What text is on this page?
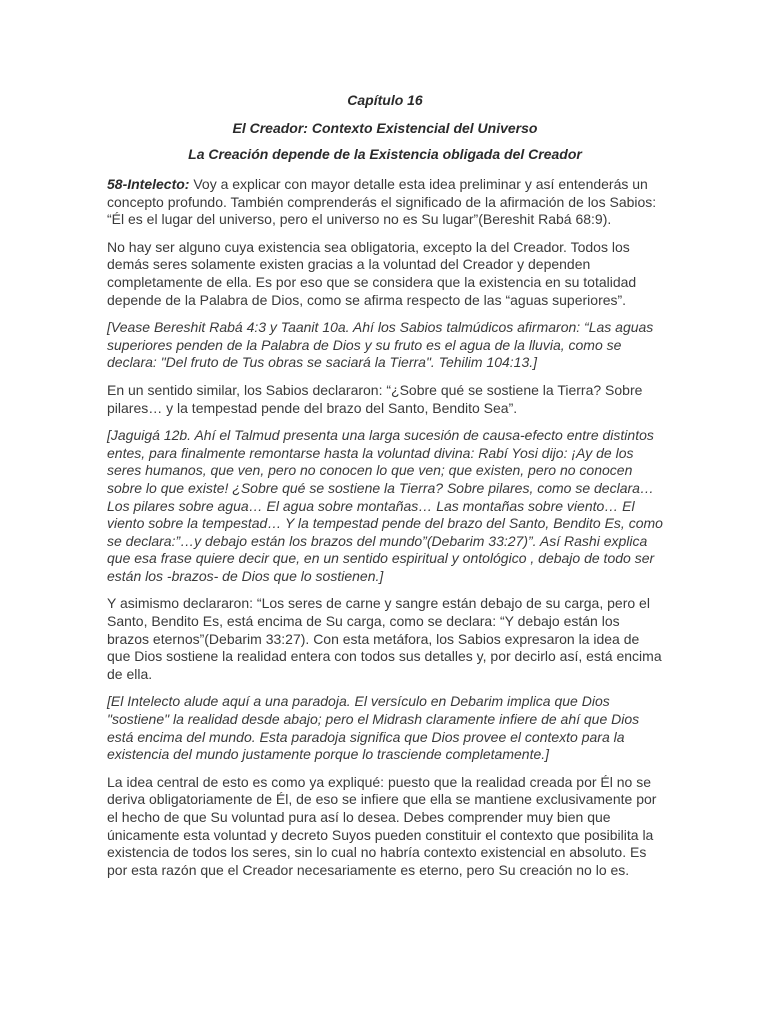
Capítulo 16
El Creador: Contexto Existencial del Universo
La Creación depende de la Existencia obligada del Creador

58-Intelecto: Voy a explicar con mayor detalle esta idea preliminar y así entenderás un concepto profundo. También comprenderás el significado de la afirmación de los Sabios: “Él es el lugar del universo, pero el universo no es Su lugar”(Bereshit Rabá 68:9).

No hay ser alguno cuya existencia sea obligatoria, excepto la del Creador. Todos los demás seres solamente existen gracias a la voluntad del Creador y dependen completamente de ella. Es por eso que se considera que la existencia en su totalidad depende de la Palabra de Dios, como se afirma respecto de las “aguas superiores”.

[Vease Bereshit Rabá 4:3 y Taanit 10a. Ahí los Sabios talmúdicos afirmaron: “Las aguas superiores penden de la Palabra de Dios y su fruto es el agua de la lluvia, como se declara: "Del fruto de Tus obras se saciará la Tierra". Tehilim 104:13.]

En un sentido similar, los Sabios declararon: “¿Sobre qué se sostiene la Tierra? Sobre pilares… y la tempestad pende del brazo del Santo, Bendito Sea”.

[Jaguigá 12b. Ahí el Talmud presenta una larga sucesión de causa-efecto entre distintos entes, para finalmente remontarse hasta la voluntad divina: Rabí Yosi dijo: ¡Ay de los seres humanos, que ven, pero no conocen lo que ven; que existen, pero no conocen sobre lo que existe! ¿Sobre qué se sostiene la Tierra? Sobre pilares, como se declara… Los pilares sobre agua… El agua sobre montañas… Las montañas sobre viento… El viento sobre la tempestad… Y la tempestad pende del brazo del Santo, Bendito Es, como se declara:”…y debajo están los brazos del mundo”(Debarim 33:27)”. Así Rashi explica que esa frase quiere decir que, en un sentido espiritual y ontológico , debajo de todo ser están los -brazos- de Dios que lo sostienen.]

Y asimismo declararon: “Los seres de carne y sangre están debajo de su carga, pero el Santo, Bendito Es, está encima de Su carga, como se declara: “Y debajo están los brazos eternos”(Debarim 33:27). Con esta metáfora, los Sabios expresaron la idea de que Dios sostiene la realidad entera con todos sus detalles y, por decirlo así, está encima de ella.

[El Intelecto alude aquí a una paradoja. El versículo en Debarim implica que Dios "sostiene" la realidad desde abajo; pero el Midrash claramente infiere de ahí que Dios está encima del mundo. Esta paradoja significa que Dios provee el contexto para la existencia del mundo justamente porque lo trasciende completamente.]

La idea central de esto es como ya expliqué: puesto que la realidad creada por Él no se deriva obligatoriamente de Él, de eso se infiere que ella se mantiene exclusivamente por el hecho de que Su voluntad pura así lo desea. Debes comprender muy bien que únicamente esta voluntad y decreto Suyos pueden constituir el contexto que posibilita la existencia de todos los seres, sin lo cual no habría contexto existencial en absoluto. Es por esta razón que el Creador necesariamente es eterno, pero Su creación no lo es.
